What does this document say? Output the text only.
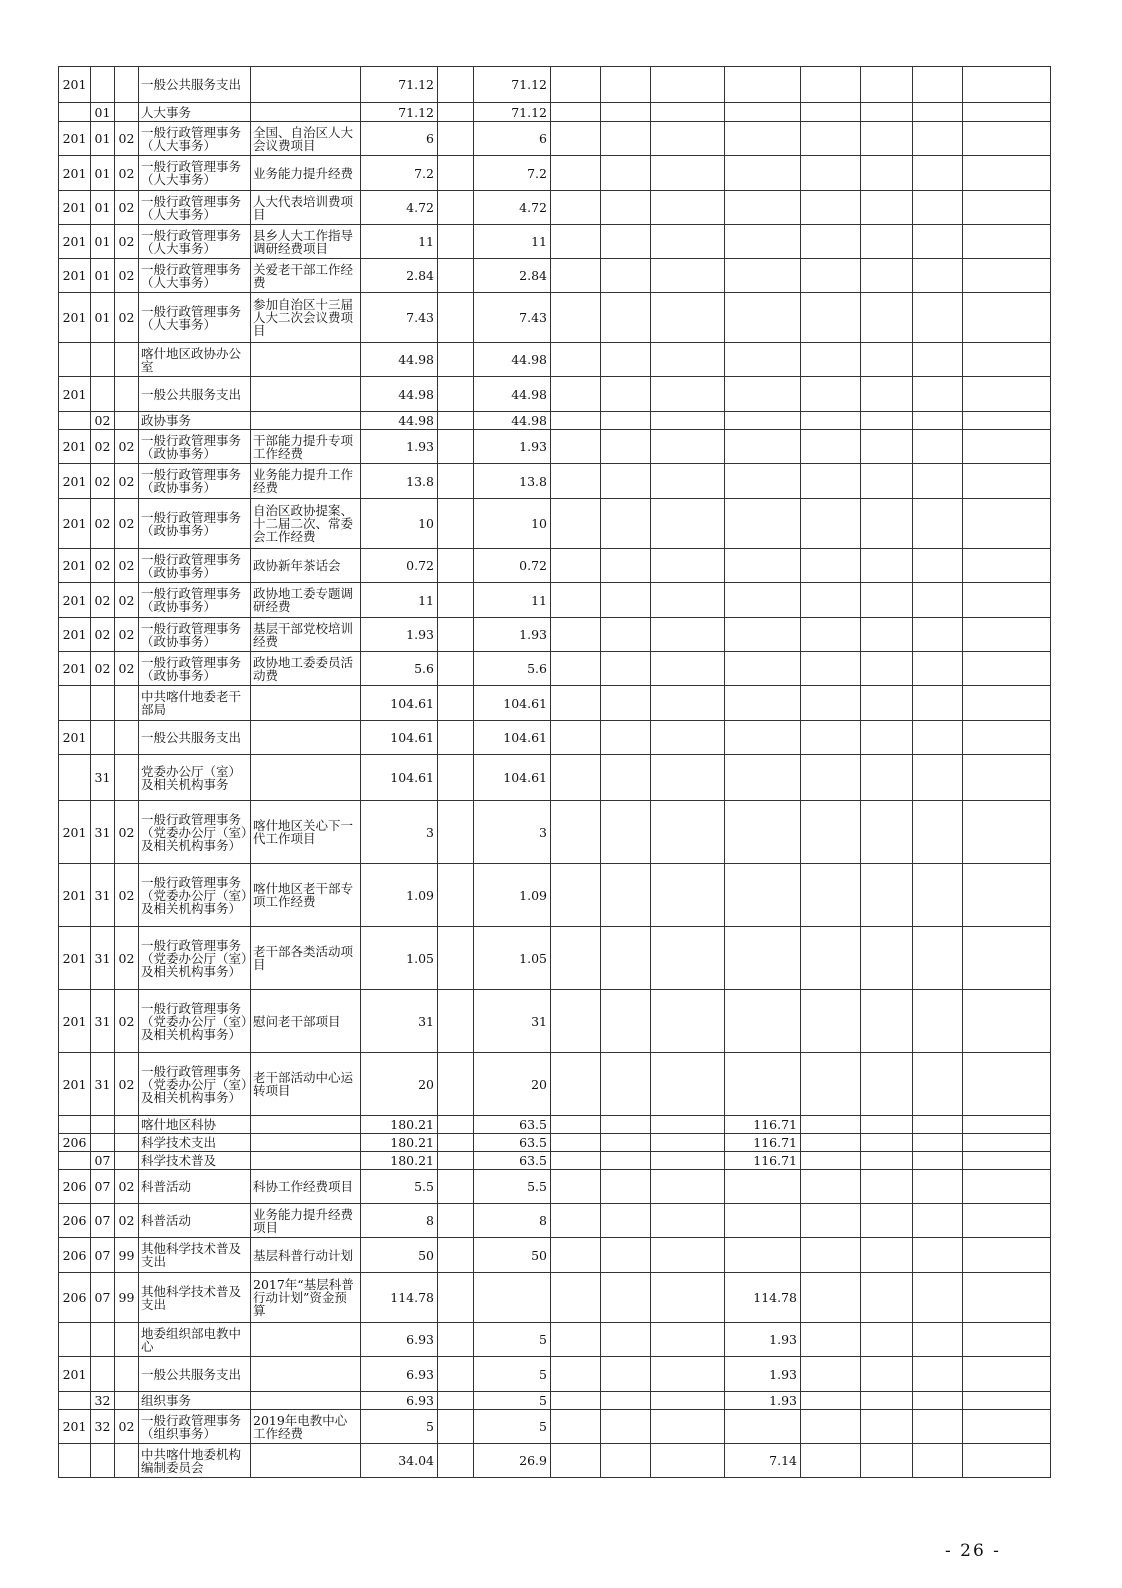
201			一般公共服务支出		71.12		71.12								
	01		人大事务		71.12		71.12								
201	01	02	一般行政管理事务（人大事务）	全国、自治区人大会议费项目	6		6								
201	01	02	一般行政管理事务（人大事务）	业务能力提升经费	7.2		7.2								
201	01	02	一般行政管理事务（人大事务）	人大代表培训费项目	4.72		4.72								
201	01	02	一般行政管理事务（人大事务）	县乡人大工作指导调研经费项目	11		11								
201	01	02	一般行政管理事务（人大事务）	关爱老干部工作经费	2.84		2.84								
201	01	02	一般行政管理事务（人大事务）	参加自治区十三届人大二次会议费项目	7.43		7.43								
			喀什地区政协办公室		44.98		44.98								
201			一般公共服务支出		44.98		44.98								
	02		政协事务		44.98		44.98								
201	02	02	一般行政管理事务（政协事务）	干部能力提升专项工作经费	1.93		1.93								
201	02	02	一般行政管理事务（政协事务）	业务能力提升工作经费	13.8		13.8								
201	02	02	一般行政管理事务（政协事务）	自治区政协提案、十二届二次、常委会工作经费	10		10								
201	02	02	一般行政管理事务（政协事务）	政协新年茶话会	0.72		0.72								
201	02	02	一般行政管理事务（政协事务）	政协地工委专题调研经费	11		11								
201	02	02	一般行政管理事务（政协事务）	基层干部党校培训经费	1.93		1.93								
201	02	02	一般行政管理事务（政协事务）	政协地工委委员活动费	5.6		5.6								
			中共喀什地委老干部局		104.61		104.61								
201			一般公共服务支出		104.61		104.61								
	31		党委办公厅（室）及相关机构事务		104.61		104.61								
201	31	02	一般行政管理事务（党委办公厅（室）及相关机构事务）	喀什地区关心下一代工作项目	3		3								
201	31	02	一般行政管理事务（党委办公厅（室）及相关机构事务）	喀什地区老干部专项工作经费	1.09		1.09								
201	31	02	一般行政管理事务（党委办公厅（室）及相关机构事务）	老干部各类活动项目	1.05		1.05								
201	31	02	一般行政管理事务（党委办公厅（室）及相关机构事务）	慰问老干部项目	31		31								
201	31	02	一般行政管理事务（党委办公厅（室）及相关机构事务）	老干部活动中心运转项目	20		20								
			喀什地区科协		180.21		63.5				116.71				
206			科学技术支出		180.21		63.5				116.71				
	07		科学技术普及		180.21		63.5				116.71				
206	07	02	科普活动	科协工作经费项目	5.5		5.5								
206	07	02	科普活动	业务能力提升经费项目	8		8								
206	07	99	其他科学技术普及支出	基层科普行动计划	50		50								
206	07	99	其他科学技术普及支出	2017年“基层科普行动计划”资金预算	114.78						114.78				
			地委组织部电教中心		6.93		5				1.93				
201			一般公共服务支出		6.93		5				1.93				
	32		组织事务		6.93		5				1.93				
201	32	02	一般行政管理事务（组织事务）	2019年电教中心工作经费	5		5								
			中共喀什地委机构编制委员会		34.04		26.9				7.14				
- 26 -
